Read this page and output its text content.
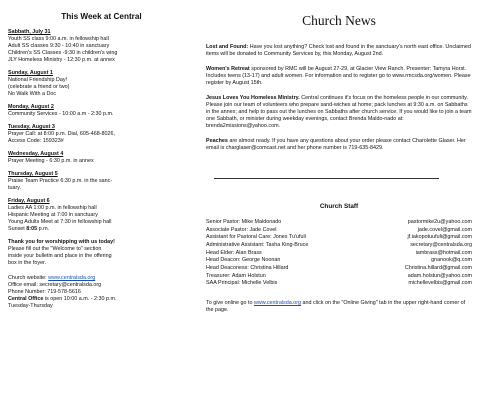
This Week at Central
Sabbath, July 31
Youth SS class 9:00 a.m. in fellowship hall
Adult SS classes 9:30 - 10:40 in sanctuary
Children's SS Classes -9:30 in children's wing
JLY Homeless Ministry - 12:30 p.m. at annex
Sunday, August 1
National Friendship Day!
(celebrate a friend or two)
No Walk With a Doc
Monday, August 2
Community Services - 10:00 a.m - 2:30 p.m.
Tuesday, August 3
Prayer Call: at 8:00 p.m. Dial, 605-468-8026,
Access Code: 159323#
Wednesday, August 4
Prayer Meeting - 6:30 p.m. in annex
Thursday, August 5
Praise Team Practice 6:30 p.m. in the sanc-
tuary.
Friday, August 6
Ladies AA 1:00 p.m. in fellowship hall
Hispanic Meeting at 7:00 in sanctuary
Young Adults Meet at 7:30 in fellowship hall
Sunset 8:05 p.m.
Thank you for worshipping with us today!
Please fill out the "Welcome to" section
inside your bulletin and place in the offering
box in the foyer.
Church website: www.centralsda.org
Office email: secretary@centralsda.org
Phone Number: 719-578-5616
Central Office is open 10:00 a.m. - 2:30 p.m.
Tuesday-Thursday
Church News
Lost and Found: Have you lost anything? Check lost and found in the sanctuary's north east office. Unclaimed items will be donated to Community Services by, this Monday, August 2nd.
Women's Retreat sponsored by RMC will be August 27-29, at Glacier View Ranch. Presenter: Tamyra Horst. Includes teens (13-17) and adult women. For information and to register go to www.rmcsda.org/women. Please register by August 15th.
Jesus Loves You Homeless Ministry. Central continues it's focus on the homeless people in our community. Please join our team of volunteers who prepare sand-wiches at home; pack lunches at 9:30 a.m. on Sabbaths in the annex; and help to pass out the lunches on Sabbaths after church service. If you would like to join a team one Sabbath, or minister during weekday evenings, contact Brenda Maldo-nado at: brenda2missions@yahoo.com.
Peaches are almost ready. If you have any questions about your order please contact Charolette Glaser. Her email is charglaser@comcast.net and her phone number is 719-635-8429.
Church Staff
Senior Pastor: Mike Maldonado	pastormike2u@yahoo.com
Associate Pastor: Jade Covel	jade.covel@gmail.com
Assistant for Pastoral Care: Jones Tu'ufuli	jf.iakopotuufuli@gmail.com
Administrative Assistant: Tasha King-Bruce	secretary@centralsda.org
Head Elder: Alan Brass	iambrass@hotmail.com
Head Deacon: George Noonan	gnanook@q.com
Head Deaconess: Christina Hillard	Christina.hillard@gmail.com
Treasurer: Adam Holstun	adam.holstun@yahoo.com
SAA Principal: Michelle Velbis	michellevelbis@gmail.com
To give online go to www.centralsda.org and click on the "Online Giving" tab in the upper right-hand corner of the page.
